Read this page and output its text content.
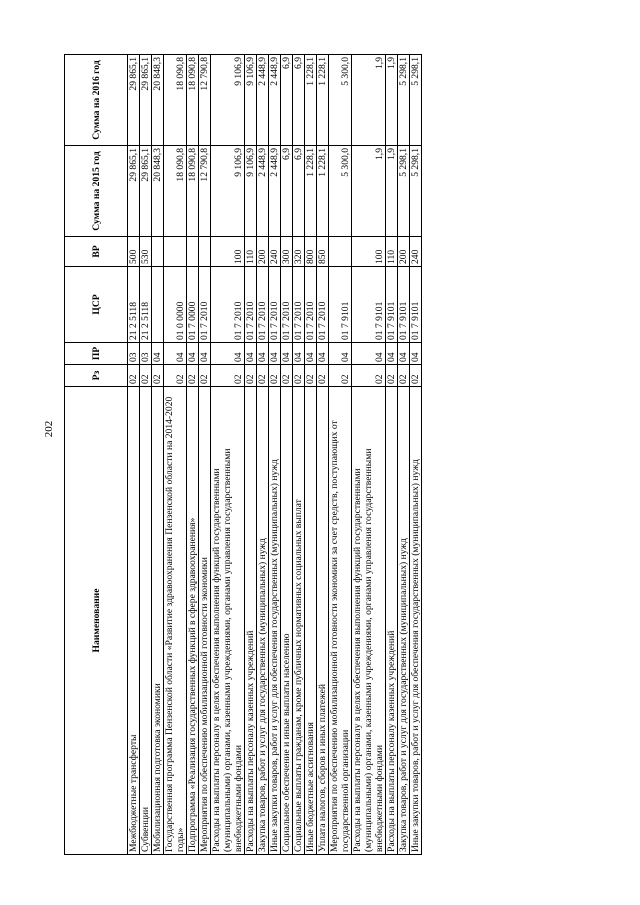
202
Наименование	Рз	ПР	ЦСР	ВР	Сумма на 2015 год	Сумма на 2016 год
Межбюджетные трансферты	02	03	21 2 5118	500	29 865,1	29 865,1
Субвенции	02	03	21 2 5118	530	29 865,1	29 865,1
Мобилизационная подготовка экономики	02	04			20 848,3	20 848,3
Государственная программа Пензенской области «Развитие здравоохранения Пензенской области на 2014-2020 годы»	02	04	01 0 0000		18 090,8	18 090,8
Подпрограмма «Реализация государственных функций в сфере здравоохранения»	02	04	01 7 0000		18 090,8	18 090,8
Мероприятия по обеспечению мобилизационной готовности экономики	02	04	01 7 2010		12 790,8	12 790,8
Расходы на выплаты персоналу в целях обеспечения выполнения функций государственными (муниципальными) органами, казенными учреждениями, органами управления государственными внебюджетными фондами	02	04	01 7 2010	100	9 106,9	9 106,9
Расходы на выплаты персоналу казенных учреждений	02	04	01 7 2010	110	9 106,9	9 106,9
Закупка товаров, работ и услуг для государственных (муниципальных) нужд	02	04	01 7 2010	200	2 448,9	2 448,9
Иные закупки товаров, работ и услуг для обеспечения государственных (муниципальных) нужд	02	04	01 7 2010	240	2 448,9	2 448,9
Социальное обеспечение и иные выплаты населению	02	04	01 7 2010	300	6,9	6,9
Социальные выплаты гражданам, кроме публичных нормативных социальных выплат	02	04	01 7 2010	320	6,9	6,9
Иные бюджетные ассигнования	02	04	01 7 2010	800	1 228,1	1 228,1
Уплата налогов, сборов и иных платежей	02	04	01 7 2010	850	1 228,1	1 228,1
Мероприятия по обеспечению мобилизационной готовности экономики за счет средств, поступающих от государственной организации	02	04	01 7 9101		5 300,0	5 300,0
Расходы на выплаты персоналу в целях обеспечения выполнения функций государственными (муниципальными) органами, казенными учреждениями, органами управления государственными внебюджетными фондами	02	04	01 7 9101	100	1,9	1,9
Расходы на выплаты персоналу казенных учреждений	02	04	01 7 9101	110	1,9	1,9
Закупка товаров, работ и услуг для государственных (муниципальных) нужд	02	04	01 7 9101	200	5 298,1	5 298,1
Иные закупки товаров, работ и услуг для обеспечения государственных (муниципальных) нужд	02	04	01 7 9101	240	5 298,1	5 298,1
